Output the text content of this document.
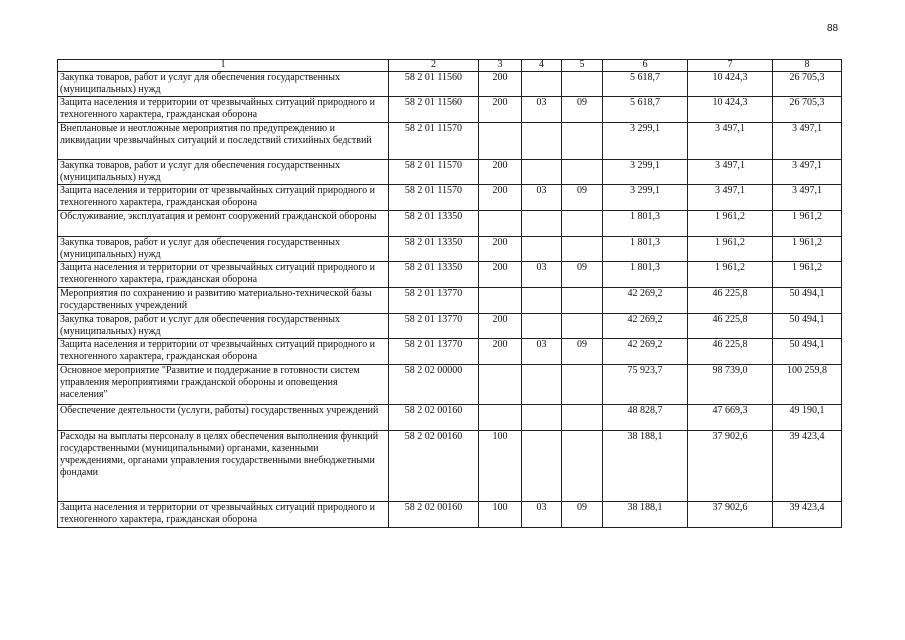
88
1	2	3	4	5	6	7	8
Закупка товаров, работ и услуг для обеспечения государственных (муниципальных) нужд	58 2 01 11560	200			5 618,7	10 424,3	26 705,3
Защита населения и территории от чрезвычайных ситуаций природного и техногенного характера, гражданская оборона	58 2 01 11560	200	03	09	5 618,7	10 424,3	26 705,3
Внеплановые и неотложные мероприятия по предупреждению и ликвидации чрезвычайных ситуаций и последствий стихийных бедствий	58 2 01 11570				3 299,1	3 497,1	3 497,1
Закупка товаров, работ и услуг для обеспечения государственных (муниципальных) нужд	58 2 01 11570	200			3 299,1	3 497,1	3 497,1
Защита населения и территории от чрезвычайных ситуаций природного и техногенного характера, гражданская оборона	58 2 01 11570	200	03	09	3 299,1	3 497,1	3 497,1
Обслуживание, эксплуатация и ремонт сооружений гражданской обороны	58 2 01 13350				1 801,3	1 961,2	1 961,2
Закупка товаров, работ и услуг для обеспечения государственных (муниципальных) нужд	58 2 01 13350	200			1 801,3	1 961,2	1 961,2
Защита населения и территории от чрезвычайных ситуаций природного и техногенного характера, гражданская оборона	58 2 01 13350	200	03	09	1 801,3	1 961,2	1 961,2
Мероприятия по сохранению и развитию материально-технической базы государственных учреждений	58 2 01 13770				42 269,2	46 225,8	50 494,1
Закупка товаров, работ и услуг для обеспечения государственных (муниципальных) нужд	58 2 01 13770	200			42 269,2	46 225,8	50 494,1
Защита населения и территории от чрезвычайных ситуаций природного и техногенного характера, гражданская оборона	58 2 01 13770	200	03	09	42 269,2	46 225,8	50 494,1
Основное мероприятие "Развитие и поддержание в готовности систем управления мероприятиями гражданской обороны и оповещения населения"	58 2 02 00000				75 923,7	98 739,0	100 259,8
Обеспечение деятельности (услуги, работы) государственных учреждений	58 2 02 00160				48 828,7	47 669,3	49 190,1
Расходы на выплаты персоналу в целях обеспечения выполнения функций государственными (муниципальными) органами, казенными учреждениями, органами управления государственными внебюджетными фондами	58 2 02 00160	100			38 188,1	37 902,6	39 423,4
Защита населения и территории от чрезвычайных ситуаций природного и техногенного характера, гражданская оборона	58 2 02 00160	100	03	09	38 188,1	37 902,6	39 423,4
